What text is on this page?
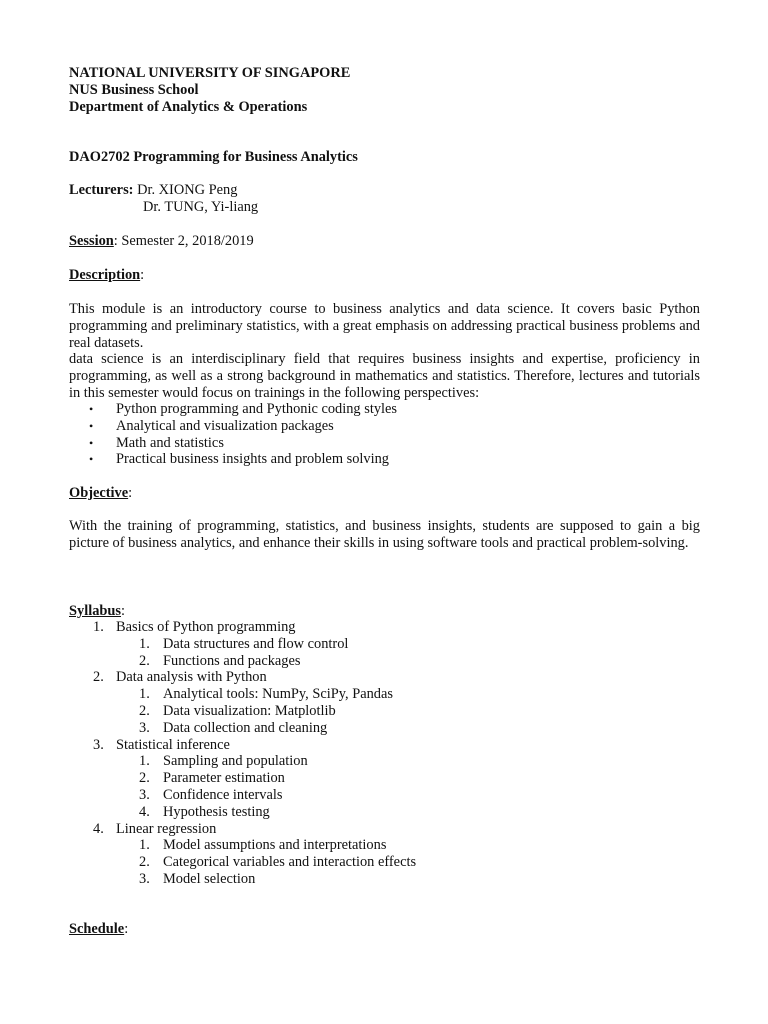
NATIONAL UNIVERSITY OF SINGAPORE
NUS Business School
Department of Analytics & Operations
DAO2702 Programming for Business Analytics
Lecturers: Dr. XIONG Peng
Dr. TUNG, Yi-liang
Session: Semester 2, 2018/2019
Description:

This module is an introductory course to business analytics and data science. It covers basic Python programming and preliminary statistics, with a great emphasis on addressing practical business problems and real datasets.

data science is an interdisciplinary field that requires business insights and expertise, proficiency in programming, as well as a strong background in mathematics and statistics. Therefore, lectures and tutorials in this semester would focus on trainings in the following perspectives:

• Python programming and Pythonic coding styles
• Analytical and visualization packages
• Math and statistics
• Practical business insights and problem solving
Objective:

With the training of programming, statistics, and business insights, students are supposed to gain a big picture of business analytics, and enhance their skills in using software tools and practical problem-solving.

Syllabus:
1. Basics of Python programming
1. Data structures and flow control
2. Functions and packages
2. Data analysis with Python
1. Analytical tools: NumPy, SciPy, Pandas
2. Data visualization: Matplotlib
3. Data collection and cleaning
3. Statistical inference
1. Sampling and population
2. Parameter estimation
3. Confidence intervals
4. Hypothesis testing
4. Linear regression
1. Model assumptions and interpretations
2. Categorical variables and interaction effects
3. Model selection
Schedule:
